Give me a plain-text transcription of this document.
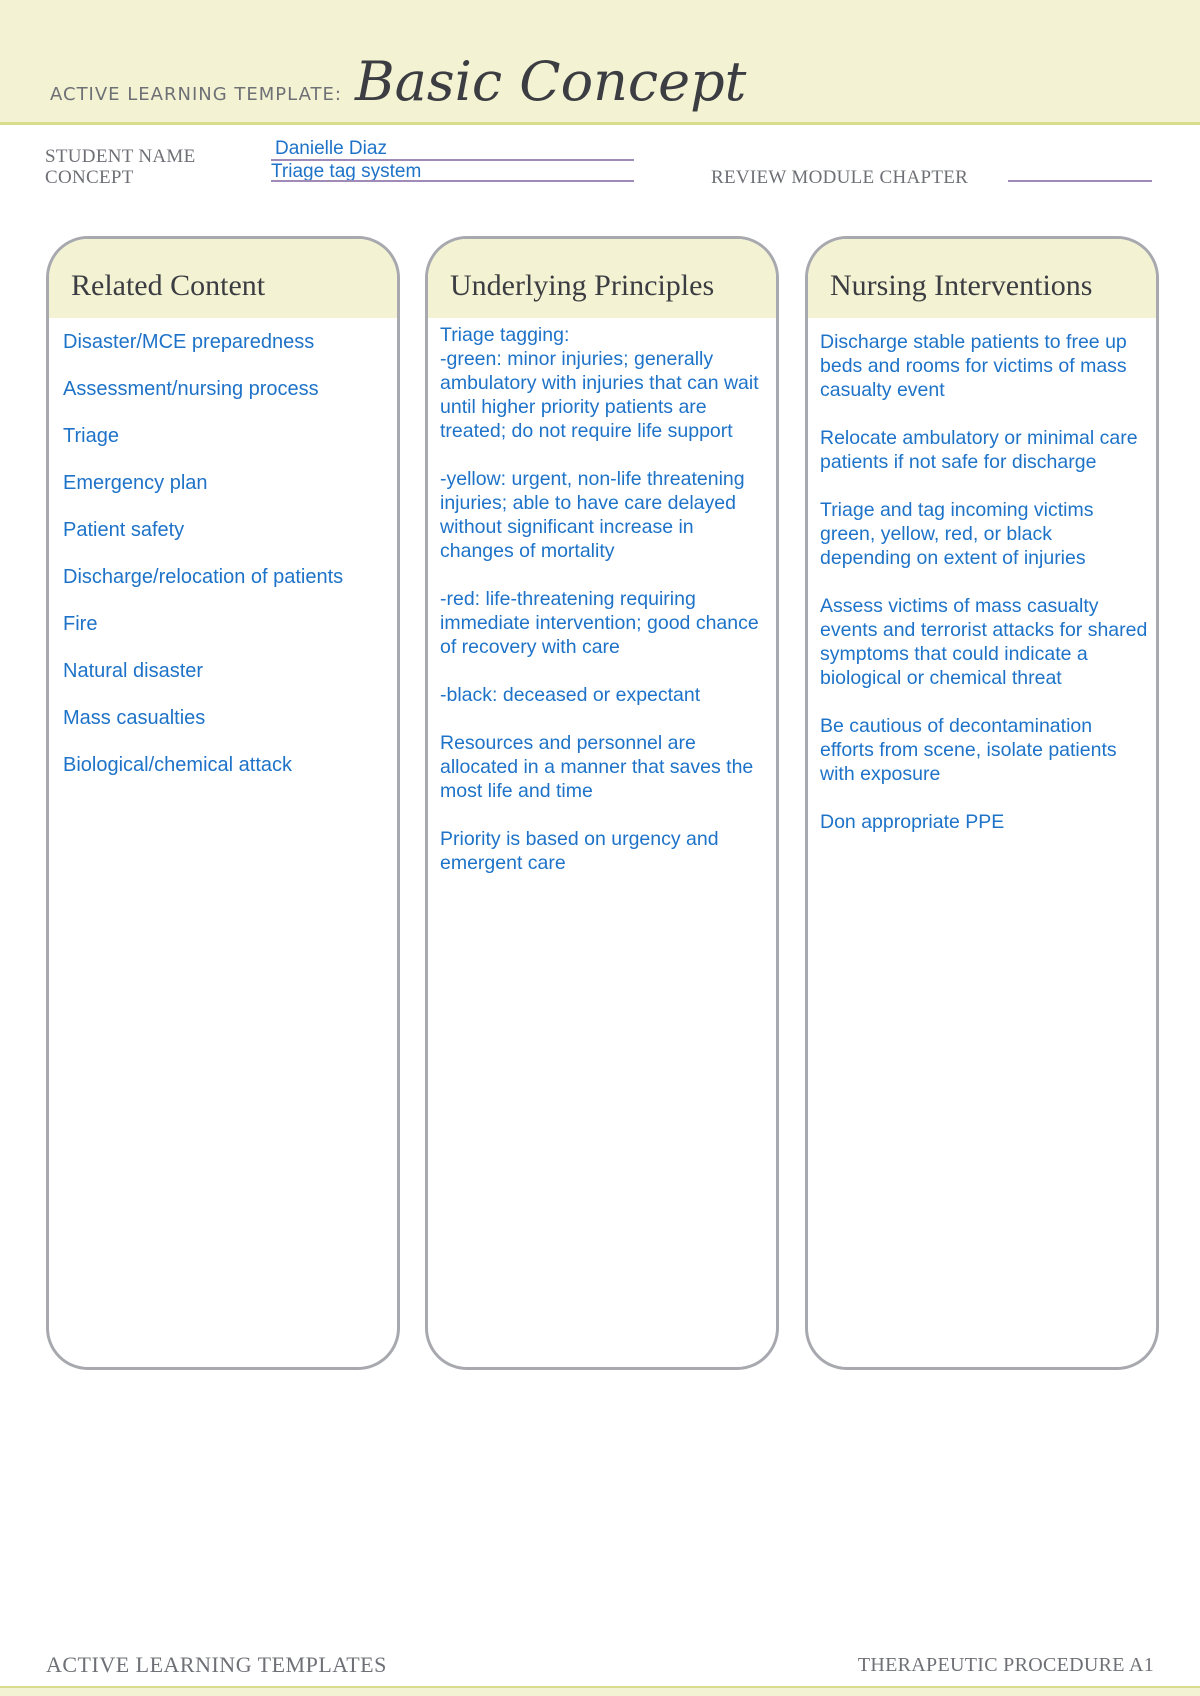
ACTIVE LEARNING TEMPLATE: Basic Concept
STUDENT NAME	Danielle Diaz
CONCEPT	Triage tag system	REVIEW MODULE CHAPTER
Related Content
Disaster/MCE preparedness
Assessment/nursing process
Triage
Emergency plan
Patient safety
Discharge/relocation of patients
Fire
Natural disaster
Mass casualties
Biological/chemical attack
Underlying Principles
Triage tagging:
-green: minor injuries; generally ambulatory with injuries that can wait until higher priority patients are treated; do not require life support
-yellow: urgent, non-life threatening injuries; able to have care delayed without significant increase in changes of mortality
-red: life-threatening requiring immediate intervention; good chance of recovery with care
-black: deceased or expectant
Resources and personnel are allocated in a manner that saves the most life and time
Priority is based on urgency and emergent care
Nursing Interventions
Discharge stable patients to free up beds and rooms for victims of mass casualty event
Relocate ambulatory or minimal care patients if not safe for discharge
Triage and tag incoming victims green, yellow, red, or black depending on extent of injuries
Assess victims of mass casualty events and terrorist attacks for shared symptoms that could indicate a biological or chemical threat
Be cautious of decontamination efforts from scene, isolate patients with exposure
Don appropriate PPE
ACTIVE LEARNING TEMPLATES	THERAPEUTIC PROCEDURE A1
